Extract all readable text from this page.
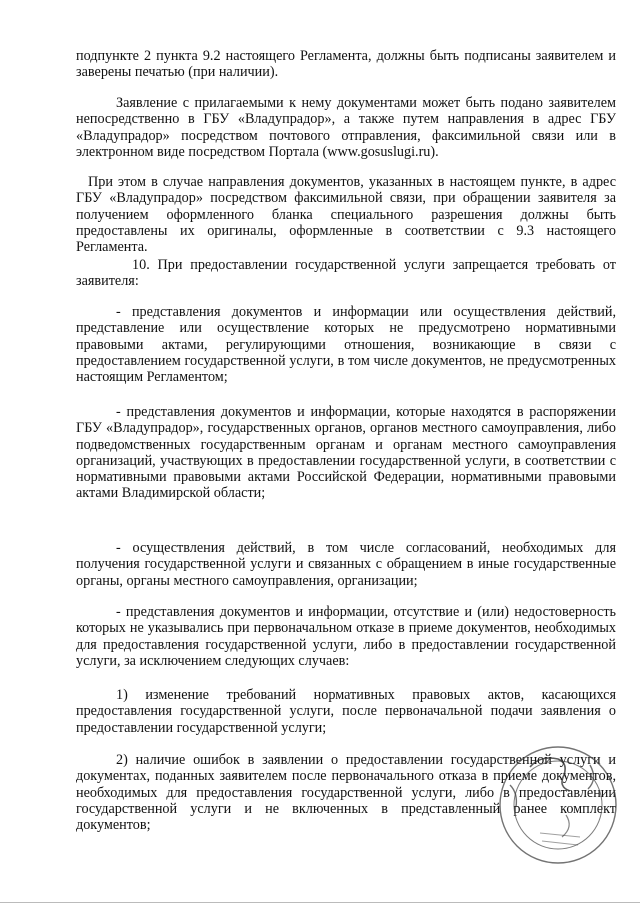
подпункте 2 пункта 9.2 настоящего Регламента, должны быть подписаны заявителем и заверены печатью (при наличии).

Заявление с прилагаемыми к нему документами может быть подано заявителем непосредственно в ГБУ «Владупрадор», а также путем направления в адрес ГБУ «Владупрадор» посредством почтового отправления, факсимильной связи или в электронном виде посредством Портала (www.gosuslugi.ru).

При этом в случае направления документов, указанных в настоящем пункте, в адрес ГБУ «Владупрадор» посредством факсимильной связи, при обращении заявителя за получением оформленного бланка специального разрешения должны быть предоставлены их оригиналы, оформленные в соответствии с 9.3 настоящего Регламента.

10. При предоставлении государственной услуги запрещается требовать от заявителя:

- представления документов и информации или осуществления действий, представление или осуществление которых не предусмотрено нормативными правовыми актами, регулирующими отношения, возникающие в связи с предоставлением государственной услуги, в том числе документов, не предусмотренных настоящим Регламентом;

- представления документов и информации, которые находятся в распоряжении ГБУ «Владупрадор», государственных органов, органов местного самоуправления, либо подведомственных государственным органам и органам местного самоуправления организаций, участвующих в предоставлении государственной услуги, в соответствии с нормативными правовыми актами Российской Федерации, нормативными правовыми актами Владимирской области;

- осуществления действий, в том числе согласований, необходимых для получения государственной услуги и связанных с обращением в иные государственные органы, органы местного самоуправления, организации;

- представления документов и информации, отсутствие и (или) недостоверность которых не указывались при первоначальном отказе в приеме документов, необходимых для предоставления государственной услуги, либо в предоставлении государственной услуги, за исключением следующих случаев:

1) изменение требований нормативных правовых актов, касающихся предоставления государственной услуги, после первоначальной подачи заявления о предоставлении государственной услуги;

2) наличие ошибок в заявлении о предоставлении государственной услуги и документах, поданных заявителем после первоначального отказа в приеме документов, необходимых для предоставления государственной услуги, либо в предоставлении государственной услуги и не включенных в представленный ранее комплект документов;
